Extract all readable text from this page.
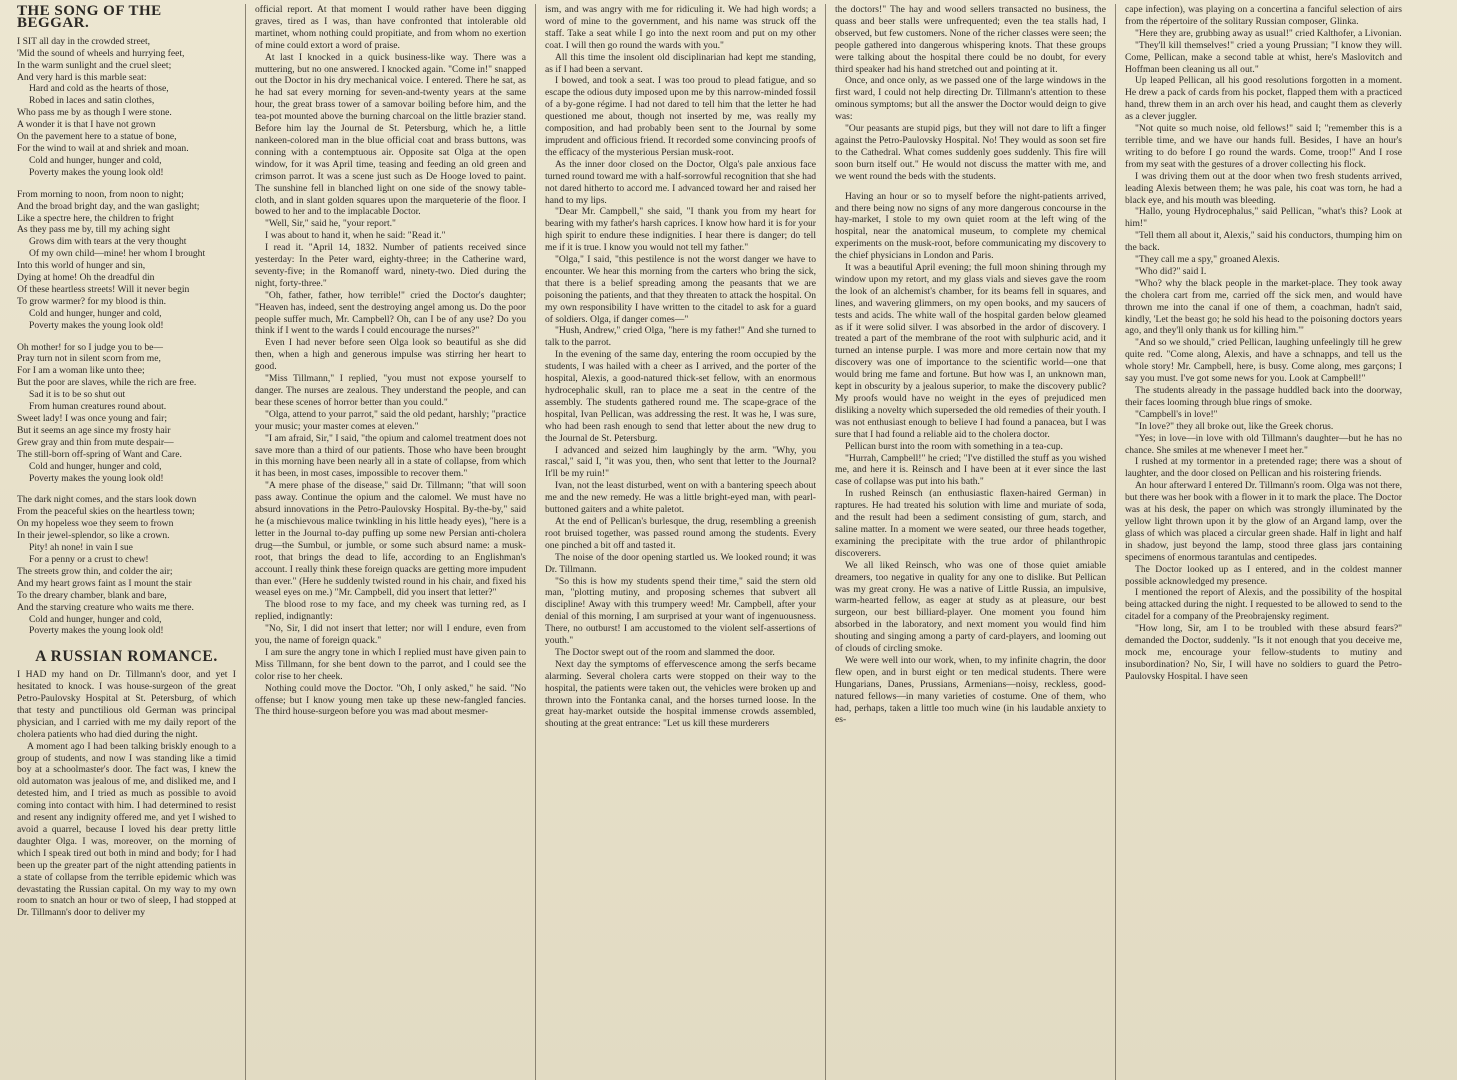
THE SONG OF THE BEGGAR.
I SIT all day in the crowded street,
'Mid the sound of wheels and hurrying feet,
In the warm sunlight and the cruel sleet;
And very hard is this marble seat:
Hard and cold as the hearts of those,
Robed in laces and satin clothes,
Who pass me by as though I were stone.
A wonder it is that I have not grown
On the pavement here to a statue of bone,
For the wind to wail at and shriek and moan.
Cold and hunger, hunger and cold,
Poverty makes the young look old!
From morning to noon, from noon to night;
And the broad bright day, and the wan gaslight;
Like a spectre here, the children to fright
As they pass me by, till my aching sight
Grows dim with tears at the very thought
Of my own child—mine! her whom I brought
Into this world of hunger and sin,
Dying at home! Oh the dreadful din
Of these heartless streets! Will it never begin
To grow warmer? for my blood is thin.
Cold and hunger, hunger and cold,
Poverty makes the young look old!
Oh mother! for so I judge you to be—
Pray turn not in silent scorn from me,
For I am a woman like unto thee;
But the poor are slaves, while the rich are free.
Sad it is to be so shut out
From human creatures round about.
Sweet lady! I was once young and fair;
But it seems an age since my frosty hair
Grew gray and thin from mute despair—
The still-born off-spring of Want and Care.
Cold and hunger, hunger and cold,
Poverty makes the young look old!
The dark night comes, and the stars look down
From the peaceful skies on the heartless town;
On my hopeless woe they seem to frown
In their jewel-splendor, so like a crown.
Pity! ah none! in vain I sue
For a penny or a crust to chew!
The streets grow thin, and colder the air;
And my heart grows faint as I mount the stair
To the dreary chamber, blank and bare,
And the starving creature who waits me there.
Cold and hunger, hunger and cold,
Poverty makes the young look old!
A RUSSIAN ROMANCE.

I HAD my hand on Dr. Tillmann's door, and yet I hesitated to knock. I was house-surgeon of the great Petro-Paulovsky Hospital at St. Petersburg, of which that testy and punctilious old German was principal physician, and I carried with me my daily report of the cholera patients who had died during the night.

A moment ago I had been talking briskly enough to a group of students, and now I was standing like a timid boy at a schoolmaster's door. The fact was, I knew the old automaton was jealous of me, and disliked me, and I detested him, and I tried as much as possible to avoid coming into contact with him. I had determined to resist and resent any indignity offered me, and yet I wished to avoid a quarrel, because I loved his dear pretty little daughter Olga. I was, moreover, on the morning of which I speak tired out both in mind and body; for I had been up the greater part of the night attending patients in a state of collapse from the terrible epidemic which was devastating the Russian capital. On my way to my own room to snatch an hour or two of sleep, I had stopped at Dr. Tillmann's door to deliver my

official report. At that moment I would rather have been digging graves, tired as I was, than have confronted that intolerable old martinet, whom nothing could propitiate, and from whom no exertion of mine could extort a word of praise.

At last I knocked in a quick business-like way. There was a muttering, but no one answered. I knocked again. "Come in!" snapped out the Doctor in his dry mechanical voice. I entered. There he sat, as he had sat every morning for seven-and-twenty years at the same hour, the great brass tower of a samovar boiling before him, and the tea-pot mounted above the burning charcoal on the little brazier stand. Before him lay the Journal de St. Petersburg, which he, a little nankeen-colored man in the blue official coat and brass buttons, was conning with a contemptuous air. Opposite sat Olga at the open window, for it was April time, teasing and feeding an old green and crimson parrot. It was a scene just such as De Hooge loved to paint. The sunshine fell in blanched light on one side of the snowy table-cloth, and in slant golden squares upon the marqueterie of the floor. I bowed to her and to the implacable Doctor.

"Well, Sir," said he, "your report."

I was about to hand it, when he said: "Read it."

I read it. "April 14, 1832. Number of patients received since yesterday: In the Peter ward, eighty-three; in the Catherine ward, seventy-five; in the Romanoff ward, ninety-two. Died during the night, forty-three."

"Oh, father, father, how terrible!" cried the Doctor's daughter; "Heaven has, indeed, sent the destroying angel among us. Do the poor people suffer much, Mr. Campbell? Oh, can I be of any use? Do you think if I went to the wards I could encourage the nurses?"

Even I had never before seen Olga look so beautiful as she did then, when a high and generous impulse was stirring her heart to good.

"Miss Tillmann," I replied, "you must not expose yourself to danger. The nurses are zealous. They understand the people, and can bear these scenes of horror better than you could."

"Olga, attend to your parrot," said the old pedant, harshly; "practice your music; your master comes at eleven."

"I am afraid, Sir," I said, "the opium and calomel treatment does not save more than a third of our patients. Those who have been brought in this morning have been nearly all in a state of collapse, from which it has been, in most cases, impossible to recover them."

"A mere phase of the disease," said Dr. Tillmann; "that will soon pass away. Continue the opium and the calomel. We must have no absurd innovations in the Petro-Paulovsky Hospital. By-the-by," said he (a mischievous malice twinkling in his little heady eyes), "here is a letter in the Journal to-day puffing up some new Persian anti-cholera drug—the Sumbul, or jumble, or some such absurd name: a musk-root, that brings the dead to life, according to an Englishman's account. I really think these foreign quacks are getting more impudent than ever." (Here he suddenly twisted round in his chair, and fixed his weasel eyes on me.) "Mr. Campbell, did you insert that letter?"

The blood rose to my face, and my cheek was turning red, as I replied, indignantly:

"No, Sir, I did not insert that letter; nor will I endure, even from you, the name of foreign quack."

I am sure the angry tone in which I replied must have given pain to Miss Tillmann, for she bent down to the parrot, and I could see the color rise to her cheek.

Nothing could move the Doctor. "Oh, I only asked," he said. "No offense; but I know young men take up these new-fangled fancies. The third house-surgeon before you was mad about mesmer-

ism, and was angry with me for ridiculing it. We had high words; a word of mine to the government, and his name was struck off the staff. Take a seat while I go into the next room and put on my other coat. I will then go round the wards with you."

All this time the insolent old disciplinarian had kept me standing, as if I had been a servant.

I bowed, and took a seat. I was too proud to plead fatigue, and so escape the odious duty imposed upon me by this narrow-minded fossil of a by-gone régime. I had not dared to tell him that the letter he had questioned me about, though not inserted by me, was really my composition, and had probably been sent to the Journal by some imprudent and officious friend. It recorded some convincing proofs of the efficacy of the mysterious Persian musk-root.

As the inner door closed on the Doctor, Olga's pale anxious face turned round toward me with a half-sorrowful recognition that she had not dared hitherto to accord me. I advanced toward her and raised her hand to my lips.

"Dear Mr. Campbell," she said, "I thank you from my heart for bearing with my father's harsh caprices. I know how hard it is for your high spirit to endure these indignities. I hear there is danger; do tell me if it is true. I know you would not tell my father."

"Olga," I said, "this pestilence is not the worst danger we have to encounter. We hear this morning from the carters who bring the sick, that there is a belief spreading among the peasants that we are poisoning the patients, and that they threaten to attack the hospital. On my own responsibility I have written to the citadel to ask for a guard of soldiers. Olga, if danger comes—"

"Hush, Andrew," cried Olga, "here is my father!" And she turned to talk to the parrot.

In the evening of the same day, entering the room occupied by the students, I was hailed with a cheer as I arrived, and the porter of the hospital, Alexis, a good-natured thick-set fellow, with an enormous hydrocephalic skull, ran to place me a seat in the centre of the assembly. The students gathered round me. The scape-grace of the hospital, Ivan Pellican, was addressing the rest. It was he, I was sure, who had been rash enough to send that letter about the new drug to the Journal de St. Petersburg.

I advanced and seized him laughingly by the arm. "Why, you rascal," said I, "it was you, then, who sent that letter to the Journal? It'll be my ruin!"

Ivan, not the least disturbed, went on with a bantering speech about me and the new remedy. He was a little bright-eyed man, with pearl-buttoned gaiters and a white paletot.

At the end of Pellican's burlesque, the drug, resembling a greenish root bruised together, was passed round among the students. Every one pinched a bit off and tasted it.

The noise of the door opening startled us. We looked round; it was Dr. Tillmann.

"So this is how my students spend their time," said the stern old man, "plotting mutiny, and proposing schemes that subvert all discipline! Away with this trumpery weed! Mr. Campbell, after your denial of this morning, I am surprised at your want of ingenuousness. There, no outburst! I am accustomed to the violent self-assertions of youth."

The Doctor swept out of the room and slammed the door.

Next day the symptoms of effervescence among the serfs became alarming. Several cholera carts were stopped on their way to the hospital, the patients were taken out, the vehicles were broken up and thrown into the Fontanka canal, and the horses turned loose. In the great hay-market outside the hospital immense crowds assembled, shouting at the great entrance: "Let us kill these murderers

the doctors!" The hay and wood sellers transacted no business, the quass and beer stalls were unfrequented; even the tea stalls had, I observed, but few customers. None of the richer classes were seen; the people gathered into dangerous whispering knots. That these groups were talking about the hospital there could be no doubt, for every third speaker had his hand stretched out and pointing at it.

Once, and once only, as we passed one of the large windows in the first ward, I could not help directing Dr. Tillmann's attention to these ominous symptoms; but all the answer the Doctor would deign to give was:

"Our peasants are stupid pigs, but they will not dare to lift a finger against the Petro-Paulovsky Hospital. No! They would as soon set fire to the Cathedral. What comes suddenly goes suddenly. This fire will soon burn itself out." He would not discuss the matter with me, and we went round the beds with the students.

Having an hour or so to myself before the night-patients arrived, and there being now no signs of any more dangerous concourse in the hay-market, I stole to my own quiet room at the left wing of the hospital, near the anatomical museum, to complete my chemical experiments on the musk-root, before communicating my discovery to the chief physicians in London and Paris.

It was a beautiful April evening; the full moon shining through my window upon my retort, and my glass vials and sieves gave the room the look of an alchemist's chamber, for its beams fell in squares, and lines, and wavering glimmers, on my open books, and my saucers of tests and acids. The white wall of the hospital garden below gleamed as if it were solid silver. I was absorbed in the ardor of discovery. I treated a part of the membrane of the root with sulphuric acid, and it turned an intense purple. I was more and more certain now that my discovery was one of importance to the scientific world—one that would bring me fame and fortune. But how was I, an unknown man, kept in obscurity by a jealous superior, to make the discovery public? My proofs would have no weight in the eyes of prejudiced men disliking a novelty which superseded the old remedies of their youth. I was not enthusiast enough to believe I had found a panacea, but I was sure that I had found a reliable aid to the cholera doctor.

Pellican burst into the room with something in a tea-cup.

"Hurrah, Campbell!" he cried; "I've distilled the stuff as you wished me, and here it is. Reinsch and I have been at it ever since the last case of collapse was put into his bath."

In rushed Reinsch (an enthusiastic flaxen-haired German) in raptures. He had treated his solution with lime and muriate of soda, and the result had been a sediment consisting of gum, starch, and saline matter. In a moment we were seated, our three heads together, examining the precipitate with the true ardor of philanthropic discoverers.

We all liked Reinsch, who was one of those quiet amiable dreamers, too negative in quality for any one to dislike. But Pellican was my great crony. He was a native of Little Russia, an impulsive, warm-hearted fellow, as eager at study as at pleasure, our best surgeon, our best billiard-player. One moment you found him absorbed in the laboratory, and next moment you would find him shouting and singing among a party of card-players, and looming out of clouds of circling smoke.

We were well into our work, when, to my infinite chagrin, the door flew open, and in burst eight or ten medical students. There were Hungarians, Danes, Prussians, Armenians—noisy, reckless, good-natured fellows—in many varieties of costume. One of them, who had, perhaps, taken a little too much wine (in his laudable anxiety to es-

cape infection), was playing on a concertina a fanciful selection of airs from the répertoire of the solitary Russian composer, Glinka.

"Here they are, grubbing away as usual!" cried Kalthofer, a Livonian.

"They'll kill themselves!" cried a young Prussian; "I know they will. Come, Pellican, make a second table at whist, here's Maslovitch and Hoffman been cleaning us all out."

Up leaped Pellican, all his good resolutions forgotten in a moment. He drew a pack of cards from his pocket, flapped them with a practiced hand, threw them in an arch over his head, and caught them as cleverly as a clever juggler.

"Not quite so much noise, old fellows!" said I; "remember this is a terrible time, and we have our hands full. Besides, I have an hour's writing to do before I go round the wards. Come, troop!" And I rose from my seat with the gestures of a drover collecting his flock.

I was driving them out at the door when two fresh students arrived, leading Alexis between them; he was pale, his coat was torn, he had a black eye, and his mouth was bleeding.

"Hallo, young Hydrocephalus," said Pellican, "what's this? Look at him!"

"Tell them all about it, Alexis," said his conductors, thumping him on the back.

"They call me a spy," groaned Alexis.

"Who did?" said I.

"Who? why the black people in the market-place. They took away the cholera cart from me, carried off the sick men, and would have thrown me into the canal if one of them, a coachman, hadn't said, kindly, 'Let the beast go; he sold his head to the poisoning doctors years ago, and they'll only thank us for killing him.'"

"And so we should," cried Pellican, laughing unfeelingly till he grew quite red. "Come along, Alexis, and have a schnapps, and tell us the whole story! Mr. Campbell, here, is busy. Come along, mes garçons; I say you must. I've got some news for you. Look at Campbell!"

The students already in the passage huddled back into the doorway, their faces looming through blue rings of smoke.

"Campbell's in love!"

"In love?" they all broke out, like the Greek chorus.

"Yes; in love—in love with old Tillmann's daughter—but he has no chance. She smiles at me whenever I meet her."

I rushed at my tormentor in a pretended rage; there was a shout of laughter, and the door closed on Pellican and his roistering friends.

An hour afterward I entered Dr. Tillmann's room. Olga was not there, but there was her book with a flower in it to mark the place. The Doctor was at his desk, the paper on which was strongly illuminated by the yellow light thrown upon it by the glow of an Argand lamp, over the glass of which was placed a circular green shade. Half in light and half in shadow, just beyond the lamp, stood three glass jars containing specimens of enormous tarantulas and centipedes.

The Doctor looked up as I entered, and in the coldest manner possible acknowledged my presence.

I mentioned the report of Alexis, and the possibility of the hospital being attacked during the night. I requested to be allowed to send to the citadel for a company of the Preobrajensky regiment.

"How long, Sir, am I to be troubled with these absurd fears?" demanded the Doctor, suddenly. "Is it not enough that you deceive me, mock me, encourage your fellow-students to mutiny and insubordination? No, Sir, I will have no soldiers to guard the Petro-Paulovsky Hospital. I have seen
